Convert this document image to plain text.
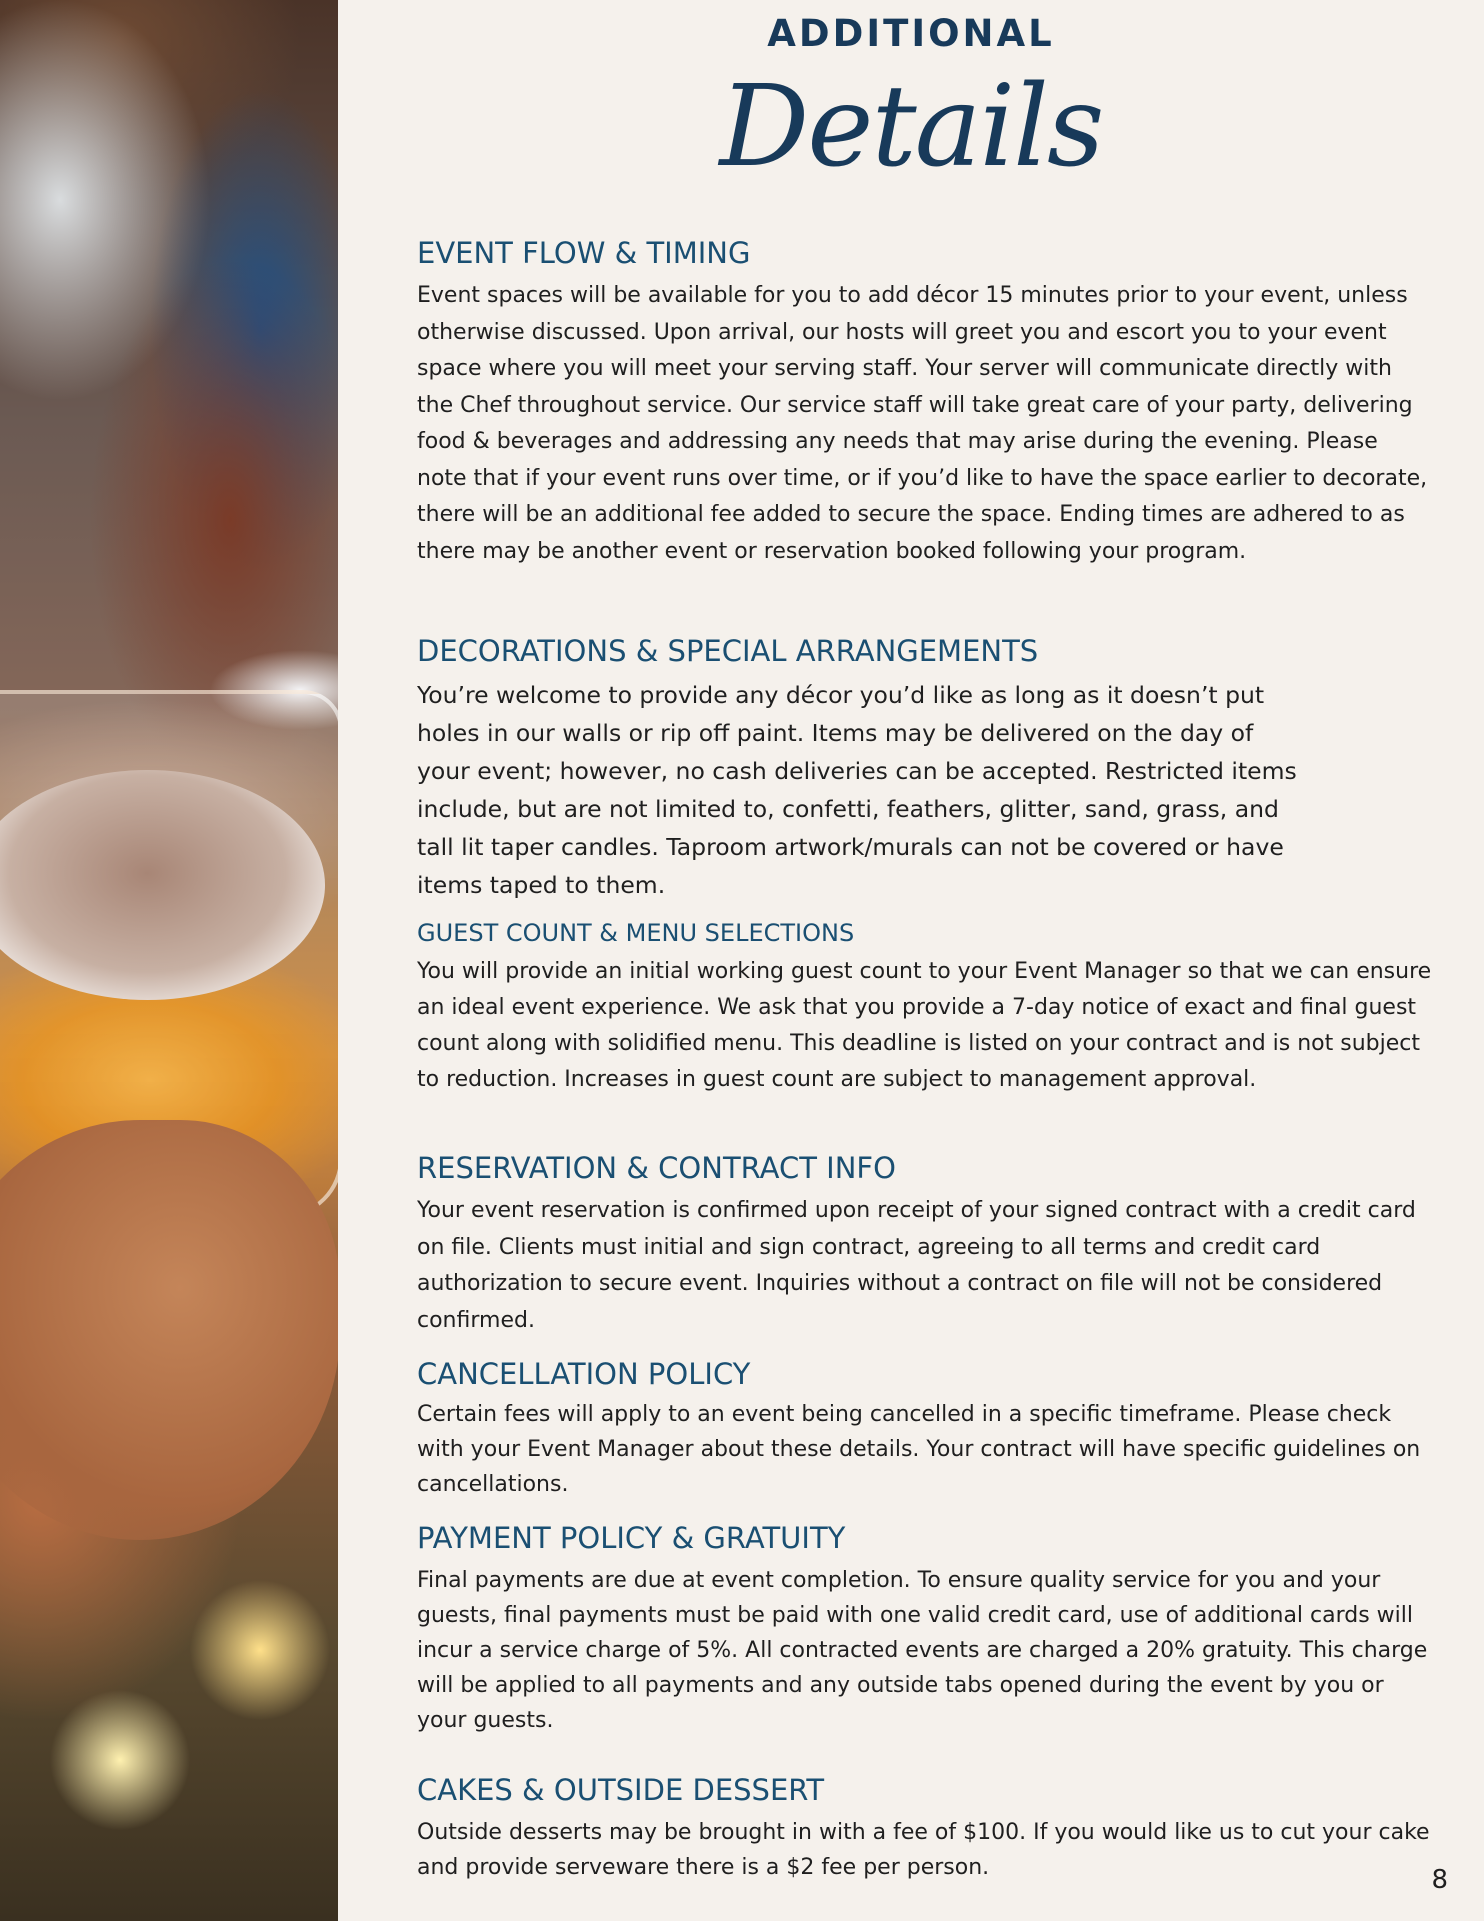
ADDITIONAL
Details
EVENT FLOW & TIMING

Event spaces will be available for you to add décor 15 minutes prior to your event, unless otherwise discussed. Upon arrival, our hosts will greet you and escort you to your event space where you will meet your serving staff. Your server will communicate directly with the Chef throughout service. Our service staff will take great care of your party, delivering food & beverages and addressing any needs that may arise during the evening. Please note that if your event runs over time, or if you’d like to have the space earlier to decorate, there will be an additional fee added to secure the space. Ending times are adhered to as there may be another event or reservation booked following your program.

DECORATIONS & SPECIAL ARRANGEMENTS

You’re welcome to provide any décor you’d like as long as it doesn’t put holes in our walls or rip off paint. Items may be delivered on the day of your event; however, no cash deliveries can be accepted. Restricted items include, but are not limited to, confetti, feathers, glitter, sand, grass, and tall lit taper candles. Taproom artwork/murals can not be covered or have items taped to them.

GUEST COUNT & MENU SELECTIONS

You will provide an initial working guest count to your Event Manager so that we can ensure an ideal event experience. We ask that you provide a 7-day notice of exact and final guest count along with solidified menu. This deadline is listed on your contract and is not subject to reduction. Increases in guest count are subject to management approval.

RESERVATION & CONTRACT INFO

Your event reservation is confirmed upon receipt of your signed contract with a credit card on file. Clients must initial and sign contract, agreeing to all terms and credit card authorization to secure event. Inquiries without a contract on file will not be considered confirmed.

CANCELLATION POLICY

Certain fees will apply to an event being cancelled in a specific timeframe. Please check with your Event Manager about these details. Your contract will have specific guidelines on cancellations.

PAYMENT POLICY & GRATUITY

Final payments are due at event completion. To ensure quality service for you and your guests, final payments must be paid with one valid credit card, use of additional cards will incur a service charge of 5%. All contracted events are charged a 20% gratuity. This charge will be applied to all payments and any outside tabs opened during the event by you or your guests.

CAKES & OUTSIDE DESSERT

Outside desserts may be brought in with a fee of $100. If you would like us to cut your cake and provide serveware there is a $2 fee per person.	8
